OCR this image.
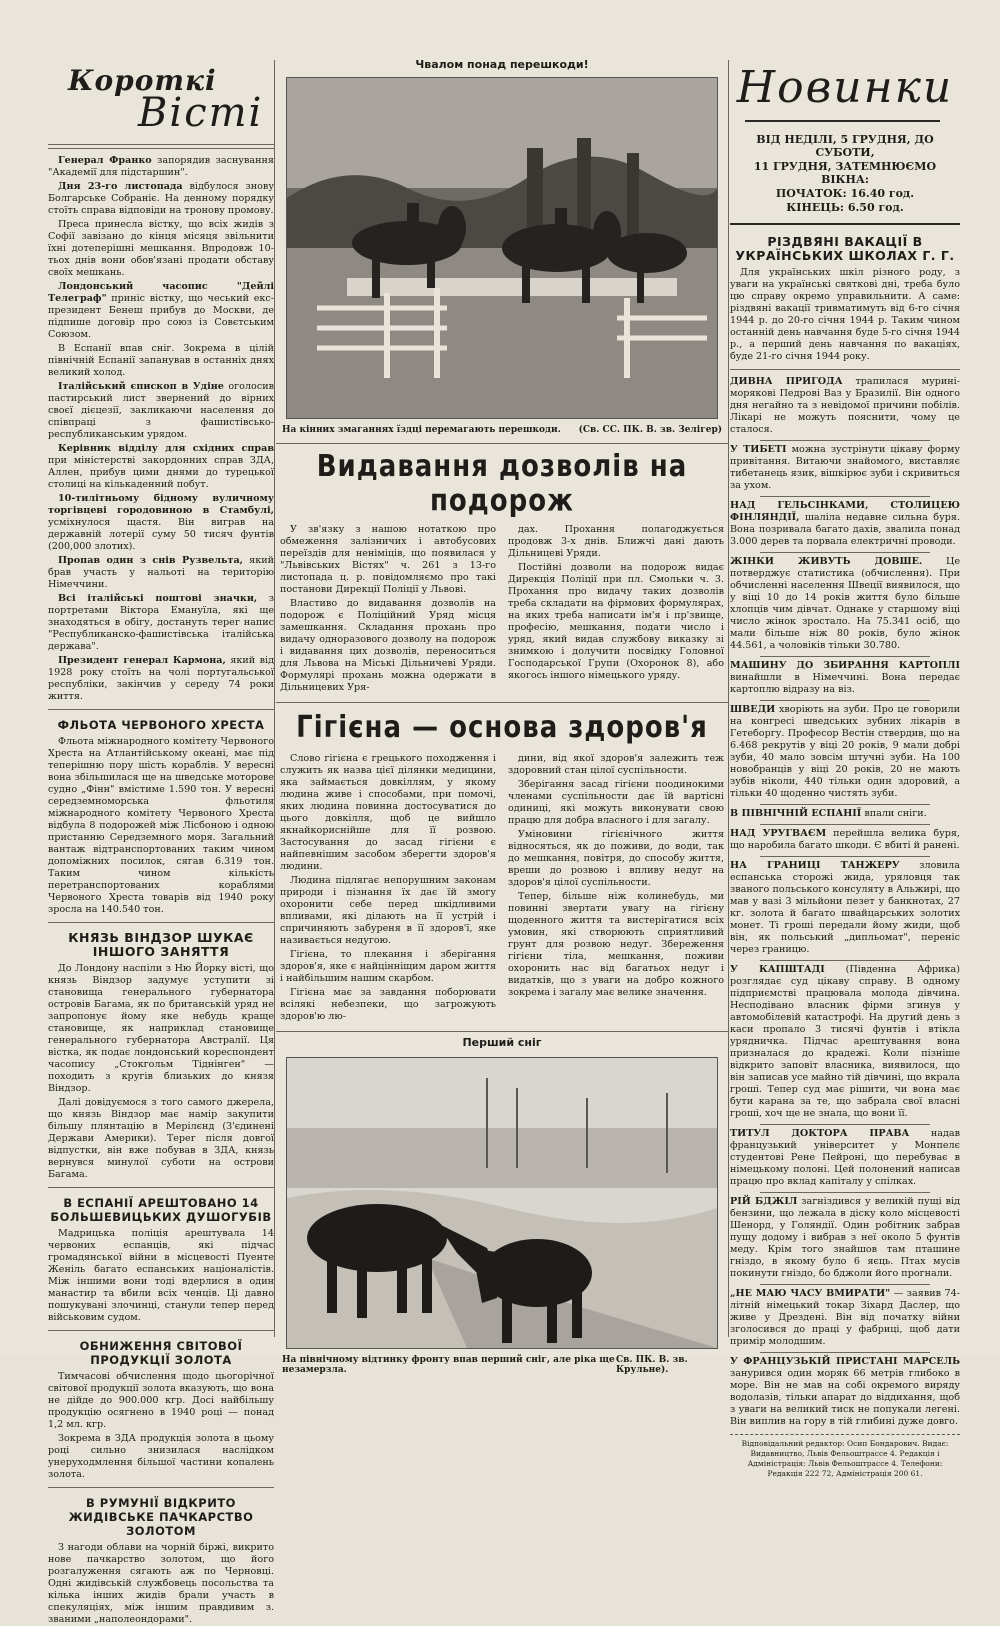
Короткі
Вісті

Генерал Франко запорядив заснування "Академії для підстаршин".

Дня 23-го листопада відбулося знову Болгарське Собраніє. На денному порядку стоїть справа відповіди на тронову промову.

Преса принесла вістку, що всіх жидів з Софії завізано до кінця місяця звільнити їхні дотеперішні мешкання. Впродовж 10-тьох днів вони обов'язані продати обставу своїх мешкань.

Лондонський часопис "Дейлі Телеграф" приніс вістку, що чеський екс-президент Бенеш прибув до Москви, де підпише договір про союз із Совєтським Союзом.

В Еспанії впав сніг. Зокрема в цілій північній Еспанії запанував в останніх днях великий холод.

Італійський єпископ в Удіне оголосив пастирський лист звернений до вірних своєї дієцезії, закликаючи населення до співпраці з фашистівсько-республиканським урядом.

Керівник відділу для східних справ при міністерстві закордонних справ ЗДА, Аллен, прибув цими днями до турецької столиці на кількаденний побут.

10-тилітньому бідному вуличному торгівцеві городовиною в Стамбулі, усміхнулося щастя. Він виграв на державній лотерії суму 50 тисяч фунтів (200,000 злотих).

Пропав один з снів Рузвельта, який брав участь у нальоті на територію Німеччини.

Всі італійські поштові значки, з портретами Віктора Емануїла, які ще знаходяться в обігу, достануть теper напис "Республиканско-фашистівська італійська держава".

Президент генерал Кармона, який від 1928 року стоїть на чолі португальської республіки, закінчив у середу 74 роки життя.

ФЛЬОТА ЧЕРВОНОГО ХРЕСТА

Фльота міжнародного комітету Червоного Хреста на Атлантійському океані, має під теперішню пору шість кораблів. У вересні вона збільшилася ще на шведське моторове судно „Фінн" вмістиме 1.590 тон. У вересні середземноморська фльотиля міжнародного комітету Червоного Хреста відбула 8 подорожей між Лісбоною і одною пристанню Середземного моря. Загальний вантаж відтранспортованих таким чином допоміжних посилок, сягав 6.319 тон. Таким чином кількість перетранспортованих кораблями Червоного Хреста товарів від 1940 року зросла на 140.540 тон.

КНЯЗЬ ВІНДЗОР ШУКАЄ ІНШОГО ЗАНЯТТЯ

До Лондону наспіли з Ню Йорку вісті, що князь Віндзор задумує уступити зі становища генерального губернатора островів Багама, як по британській уряд не запропонує йому яке небудь краще становище, як наприклад становище генерального губернатора Австралії. Ця вістка, як подає лондонський кореспондент часопису „Стокгольм Тіднінген" — походить з кругів близьких до князя Віндзор.

Далі довідуємося з того самого джерела, що князь Віндзор має намір закупити більшу плянтацію в Мерілєнд (З'єдинені Держави Америки). Теper після довгої відпустки, він вже побував в ЗДА, князь вернувся минулої суботи на острови Багама.

В ЕСПАНІЇ АРЕШТОВАНО 14 БОЛЬШЕВИЦЬКИХ ДУШОГУБІВ

Мадрицька поліція арештувала 14 червоних еспанців, які підчас громадянської війни в місцевості Пуенте Женіль багато еспанських націоналістів. Між іншими вони тоді вдерлися в один манастир та вбили всіх ченців. Ці давно пошукувані злочинці, станули тепер перед військовим судом.

ОБНИЖЕННЯ СВІТОВОЇ ПРОДУКЦІЇ ЗОЛОТА

Тимчасові обчислення щодо цьогорічної світової продукції золота вказують, що вона не дійде до 900.000 кгр. Досі найбільшу продукцію осягнено в 1940 році — понад 1,2 мл. кгр.

Зокрема в ЗДА продукція золота в цьому році сильно знизилася наслідком унеруходмлення більшої частини копалень золота.

В РУМУНІЇ ВІДКРИТО ЖИДІВСЬКЕ ПАЧКАРСТВО ЗОЛОТОМ

З нагоди облави на чорній біржі, викрито нове пачкарство золотом, що його розгалуження сягають аж по Черновці. Одні жидівській службовець посольства та кілька інших жидів брали участь в спекуляціях, між іншим правдивим з. званими „наполеондорами".

Чвалом понад перешкоди!
На кінних змаганнях їздці перемагають перешкоди. (Св. СС. ПК. В. зв. Зелігер)
Видавання дозволів на подорож

У зв'язку з нашою нотаткою про обмеження залізничих і автобусових переїздів для неніміців, що появилася у "Львівських Вістях" ч. 261 з 13-го листопада ц. р. повідомляємо про такі постанови Дирекції Поліції у Львові.

Властиво до видавання дозволів на подорож є Поліційний Уряд місця замешкання. Складання прохань про видачу одноразового дозволу на подорож і видавання цих дозволів, переноситься для Львова на Міські Дільничеві Уряди. Формулярі прохань можна одержати в Дільницевих Уря-

дах. Прохання полагоджується продовж 3-х днів. Ближчі дані дають Дільницеві Уряди.

Постійні дозволи на подорож видає Дирекція Поліції при пл. Смольки ч. 3. Прохання про видачу таких дозволів треба складати на фірмових формулярах, на яких треба написати ім'я і пр'звище, професію, мешкання, подати число і уряд, який видав службову виказку зі знимкою і долучити посвідку Головної Господарської Групи (Охоронок 8), або якогось іншого німецького уряду.

Гігієна — основа здоров'я

Слово гігієна є грецького походження і служить як назва цієї ділянки медицини, яка займається довкіллям, у якому людина живе і способами, при помочі, яких людина повинна достосуватися до цього довкілля, щоб це вийшло якнайкориснійше для її розвою. Застосування до засад гігієни є найпевнішим засобом зберегти здоров'я людини.

Людина підлягає непорушним законам природи і пізнання їх дає їй змогу охоронити себе перед шкідливими впливами, які ділають на її устрій і спричиняють забуреня в її здоров'ї, яке називається недугою.

Гігієна, то плекання і зберігання здоров'я, яке є найцінніщим даром життя і найбільшим нашим скарбом.

Гігієна має за завдання поборювати всілякі небезпеки, що загрожують здоров'ю лю-

дини, від якої здоров'я залежить теж здоровний стан цілої суспільности.

Зберігання засад гігієни поодинокими членами суспільности дає їй вартісні одиниці, які можуть виконувати свою працю для добра власного і для загалу.

Уміновини гігієнічного життя відносяться, як до поживи, до води, так до мешкання, повітря, до способу життя, вреши до розвою і впливу недуг на здоров'я цілої суспільности.

Тепер, більше ніж колинебудь, ми повинні звертати увагу на гігієну щоденного життя та вистерігатися всіх умовин, які створюють сприятливий грунт для розвою недуг. Збереження гігієни тіла, мешкання, поживи охоронить нас від багатьох недуг і видатків, що з уваги на добро кожного зокрема і загалу має велике значення.

Перший сніг
На північному відтинку фронту впав перший сніг, але ріка ще незамерзла.
Св. ПК. В. зв. Крульне).
Новинки
ВІД НЕДІЛІ, 5 ГРУДНЯ, ДО СУБОТИ,
11 ГРУДНЯ, ЗАТЕМНЮЄМО ВІКНА:
ПОЧАТОК: 16.40 год.
КІНЕЦЬ: 6.50 год.
РІЗДВЯНІ ВАКАЦІЇ В УКРАЇНСЬКИХ ШКОЛАХ Г. Г.

Для українських шкіл різного роду, з уваги на українські святкові дні, треба було цю справу окремо упрaвильнити. А саме: різдвяні вакації тривматимуть від 6-го січня 1944 р. до 20-го січня 1944 р. Таким чином останній день навчання буде 5-го січня 1944 р., а перший день навчання по вакаціях, буде 21-го січня 1944 року.

ДИВНА ПРИГОДА трапилася мурині-морякові Педрові Ваз у Бразилії. Він одного дня негайно та з невідомої причини побілів. Лікарі не можуть пояснити, чому це сталося.

У ТИБЕТІ можна зустрінути цікаву форму привітання. Витаючи знайомого, виставляє тибетанець язик, вішкірює зуби і скривиться за ухом.

НАД ГЕЛЬСІНКАМИ, СТОЛИЦЕЮ ФІНЛЯНДІЇ, шаліла недавне сильна буря. Вона позривала багато дахів, звалила понад 3.000 дерев та порвала електричні проводи.

ЖІНКИ ЖИВУТЬ ДОВШЕ. Це потверджує статистика (обчислення). При обчисленні населення Швеції виявилося, що у віці 10 до 14 років життя було більше хлопців чим дівчат. Однаке у старшому віці число жінок зростало. На 75.341 осіб, що мали більше ніж 80 років, було жінок 44.561, а чоловіків тільки 30.780.

МАШИНУ ДО ЗБИРАННЯ КАРТОПЛІ винайшли в Німеччині. Вона передає картоплю відразу на віз.

ШВЕДИ хворіють на зуби. Про це говорили на конгресі шведських зубних лікарів в Гетеборгу. Професор Вестін ствердив, що на 6.468 рекрутів у віці 20 років, 9 мали добрі зуби, 40 мало зовсім штучні зуби. На 100 новобранців у віці 20 років, 20 не мають зубів ніколи, 440 тільки один здоровий, а тільки 40 щоденно чистять зуби.

В ПІВНІЧНІЙ ЕСПАНІЇ впали сніги.

НАД УРУГВАЄМ перейшла велика буря, що наробила багато шкоди. Є вбиті й ранені.

НА ГРАНИЦІ ТАНЖЕРУ зловила еспанська сторожі жида, уряловця так званого польського консуляту в Альжирі, що мав у вазі 3 мільйони пезет у банкнотах, 27 кг. золота й багато швайцарських золотих монет. Ті гроші передали йому жиди, щоб він, як польський „дипльомат", переніс через границю.

У КАПШТАДІ (Південна Африка) розглядає суд цікаву справу. В одному підприємстві працювала молода дівчина. Несподівано власник фірми згинув у автомобілевій катастрофі. На другий день з каси пропало 3 тисячі фунтів і втікла урядничка. Підчас арештування вона призналася до крадежі. Коли пізніше відкрито заповіт власника, виявилося, що він записав усе майно тій дівчині, що вкрала гроші. Тепер суд має рішити, чи вона має бути карана за те, що забрала свої власні гроші, хоч ще не знала, що вони її.

ТИТУЛ ДОКТОРА ПРАВА надав французький університет у Монпелє студентові Рене Пейроні, що перебуває в німецькому полоні. Цей полонений написав працю про вклад капіталу у спілках.

РІЙ БДЖІЛ загніздився у великій пущі від бензини, що лежала в діску коло місцевості Шенорд, у Голяндії. Один робітник забрав пущу додому і вибрав з неї около 5 фунтів меду. Крім того знайшов там пташине гніздо, в якому було 6 яєць. Птах мусів покинути гніздо, бо бджоли його прогнали.

„НЕ МАЮ ЧАСУ ВМИРАТИ" — заявив 74-літній німецький токар Зіхард Даслер, що живе у Дрездені. Він від початку війни зголосився до праці у фабриці, щоб дати примір молодшим.

У ФРАНЦУЗЬКІЙ ПРИСТАНІ МАРСЕЛЬ занурився один моряк 66 метрів глибоко в море. Він не мав на собі окремого виряду водолазів, тільки апарат до віддихання, щоб з уваги на великий тиск не попукали легені. Він виплив на гору в тій глибині дуже довго.

Відповідальний редактор: Осип Бондарович. Видає: Видавництво, Львів Фельоштрассе 4. Редакція і Адміністрація: Львів Фельоштрассе 4. Телефони: Редакція 222 72, Адміністрація 200 61.
